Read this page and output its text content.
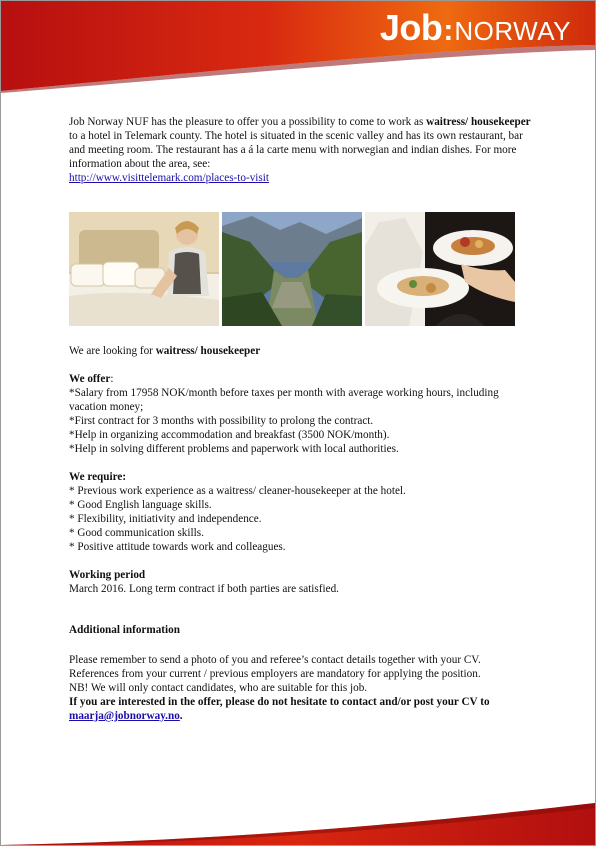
Job:NORWAY

Job Norway NUF has the pleasure to offer you a possibility to come to work as waitress/ housekeeper to a hotel in Telemark county. The hotel is situated in the scenic valley and has its own restaurant, bar and meeting room. The restaurant has a á la carte menu with norwegian and indian dishes. For more information about the area, see:
http://www.visittelemark.com/places-to-visit

We are looking for waitress/ housekeeper

We offer:

*Salary from 17958 NOK/month before taxes per month with average working hours, including vacation money;

*First contract for 3 months with possibility to prolong the contract.

*Help in organizing accommodation and breakfast (3500 NOK/month).

*Help in solving different problems and paperwork with local authorities.

We require:

* Previous work experience as a waitress/ cleaner-housekeeper at the hotel.

* Good English language skills.

* Flexibility, initiativity and independence.

* Good communication skills.

* Positive attitude towards work and colleagues.

Working period

March 2016. Long term contract if both parties are satisfied.

Additional information

Please remember to send a photo of you and referee’s contact details together with your CV. References from your current / previous employers are mandatory for applying the position.

NB! We will only contact candidates, who are suitable for this job.

If you are interested in the offer, please do not hesitate to contact and/or post your CV to maarja@jobnorway.no.
